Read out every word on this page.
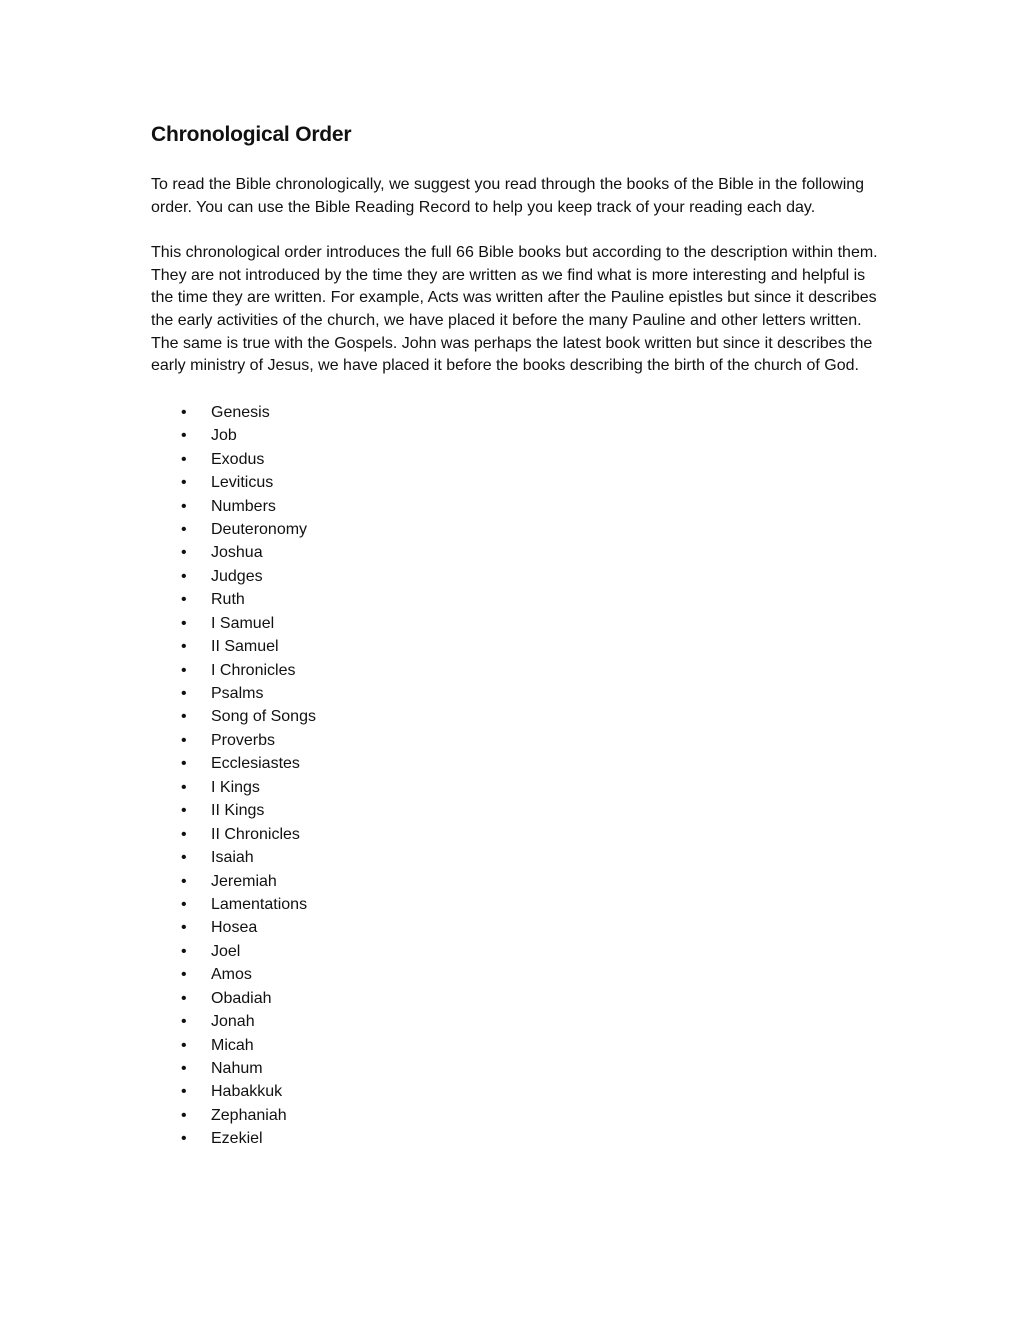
Chronological Order

To read the Bible chronologically, we suggest you read through the books of the Bible in the following order. You can use the Bible Reading Record to help you keep track of your reading each day.

This chronological order introduces the full 66 Bible books but according to the description within them. They are not introduced by the time they are written as we find what is more interesting and helpful is the time they are written. For example, Acts was written after the Pauline epistles but since it describes the early activities of the church, we have placed it before the many Pauline and other letters written. The same is true with the Gospels. John was perhaps the latest book written but since it describes the early ministry of Jesus, we have placed it before the books describing the birth of the church of God.

• Genesis
• Job
• Exodus
• Leviticus
• Numbers
• Deuteronomy
• Joshua
• Judges
• Ruth
• I Samuel
• II Samuel
• I Chronicles
• Psalms
• Song of Songs
• Proverbs
• Ecclesiastes
• I Kings
• II Kings
• II Chronicles
• Isaiah
• Jeremiah
• Lamentations
• Hosea
• Joel
• Amos
• Obadiah
• Jonah
• Micah
• Nahum
• Habakkuk
• Zephaniah
• Ezekiel
